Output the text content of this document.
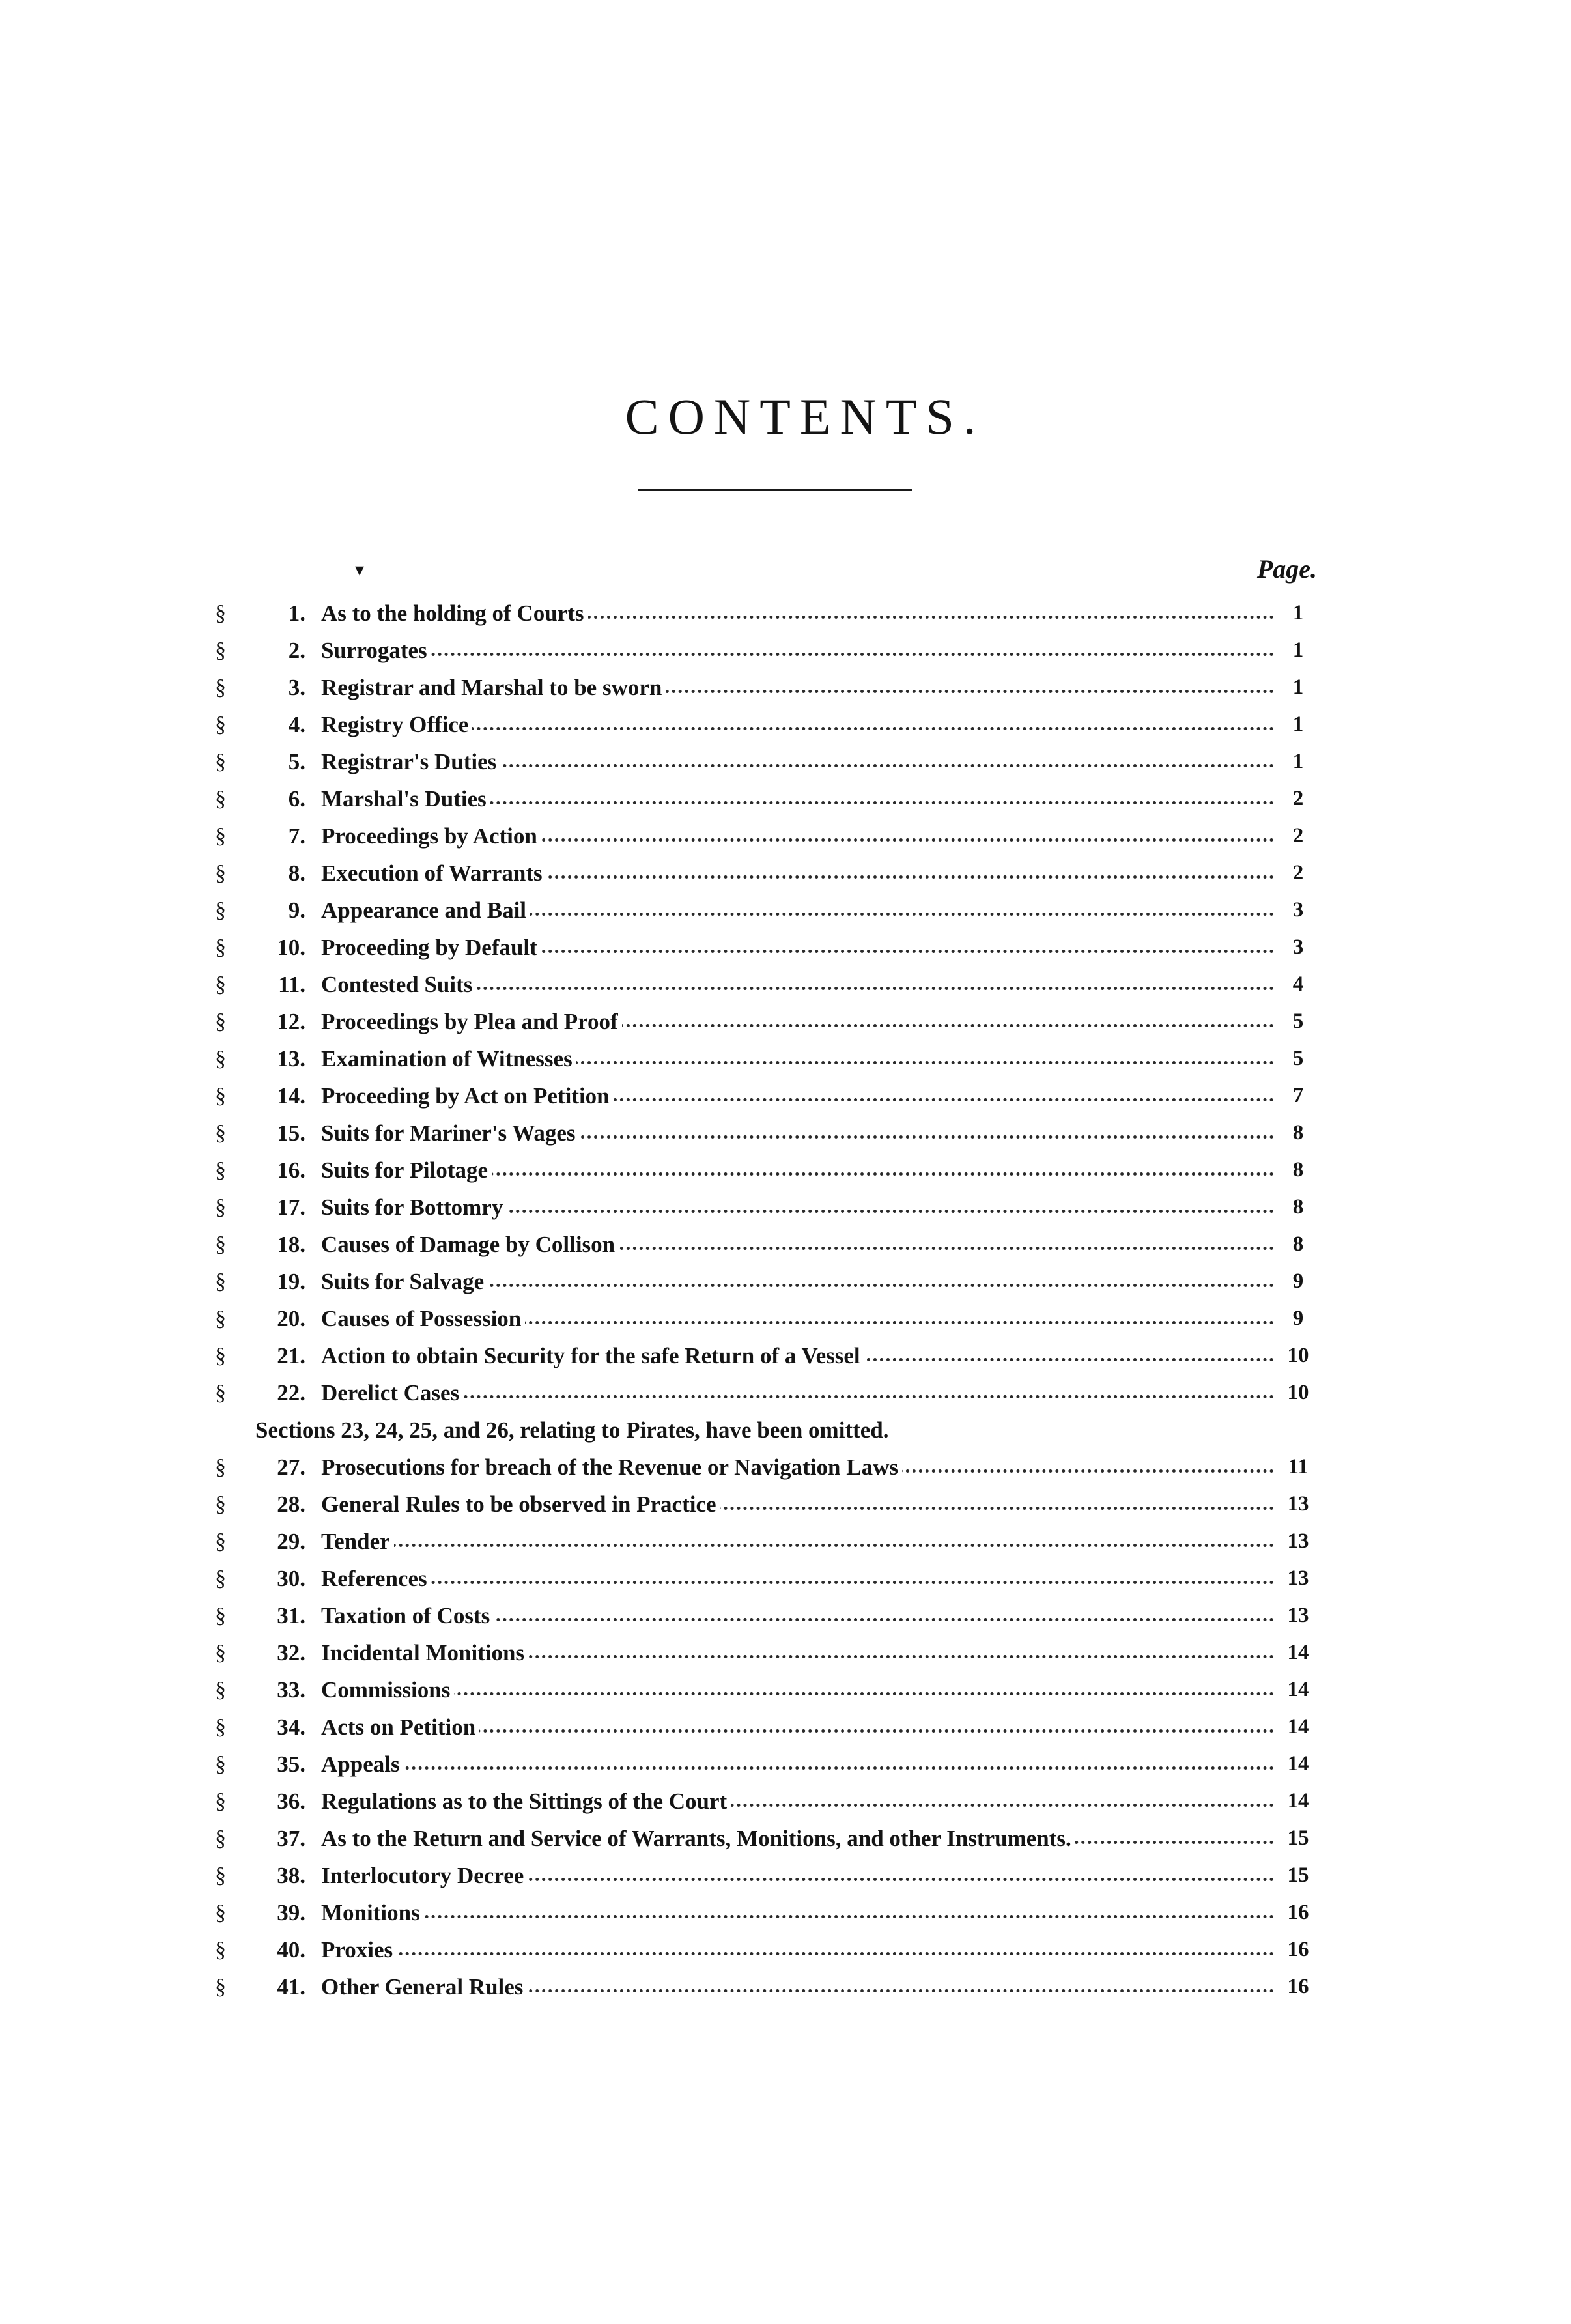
CONTENTS.
▾	Page.
§	1. As to the holding of Courts	1
§	2. Surrogates	1
§	3. Registrar and Marshal to be sworn	1
§	4. Registry Office	1
§	5. Registrar's Duties	1
§	6. Marshal's Duties	2
§	7. Proceedings by Action	2
§	8. Execution of Warrants	2
§	9. Appearance and Bail	3
§	10. Proceeding by Default	3
§	11. Contested Suits	4
§	12. Proceedings by Plea and Proof	5
§	13. Examination of Witnesses	5
§	14. Proceeding by Act on Petition	7
§	15. Suits for Mariner's Wages	8
§	16. Suits for Pilotage	8
§	17. Suits for Bottomry	8
§	18. Causes of Damage by Collison	8
§	19. Suits for Salvage	9
§	20. Causes of Possession	9
§	21. Action to obtain Security for the safe Return of a Vessel	10
§	22. Derelict Cases	10
Sections 23, 24, 25, and 26, relating to Pirates, have been omitted.
§	27. Prosecutions for breach of the Revenue or Navigation Laws	11
§	28. General Rules to be observed in Practice	13
§	29. Tender	13
§	30. References	13
§	31. Taxation of Costs	13
§	32. Incidental Monitions	14
§	33. Commissions	14
§	34. Acts on Petition	14
§	35. Appeals	14
§	36. Regulations as to the Sittings of the Court	14
§	37. As to the Return and Service of Warrants, Monitions, and other Instruments.	15
§	38. Interlocutory Decree	15
§	39. Monitions	16
§	40. Proxies	16
§	41. Other General Rules	16
